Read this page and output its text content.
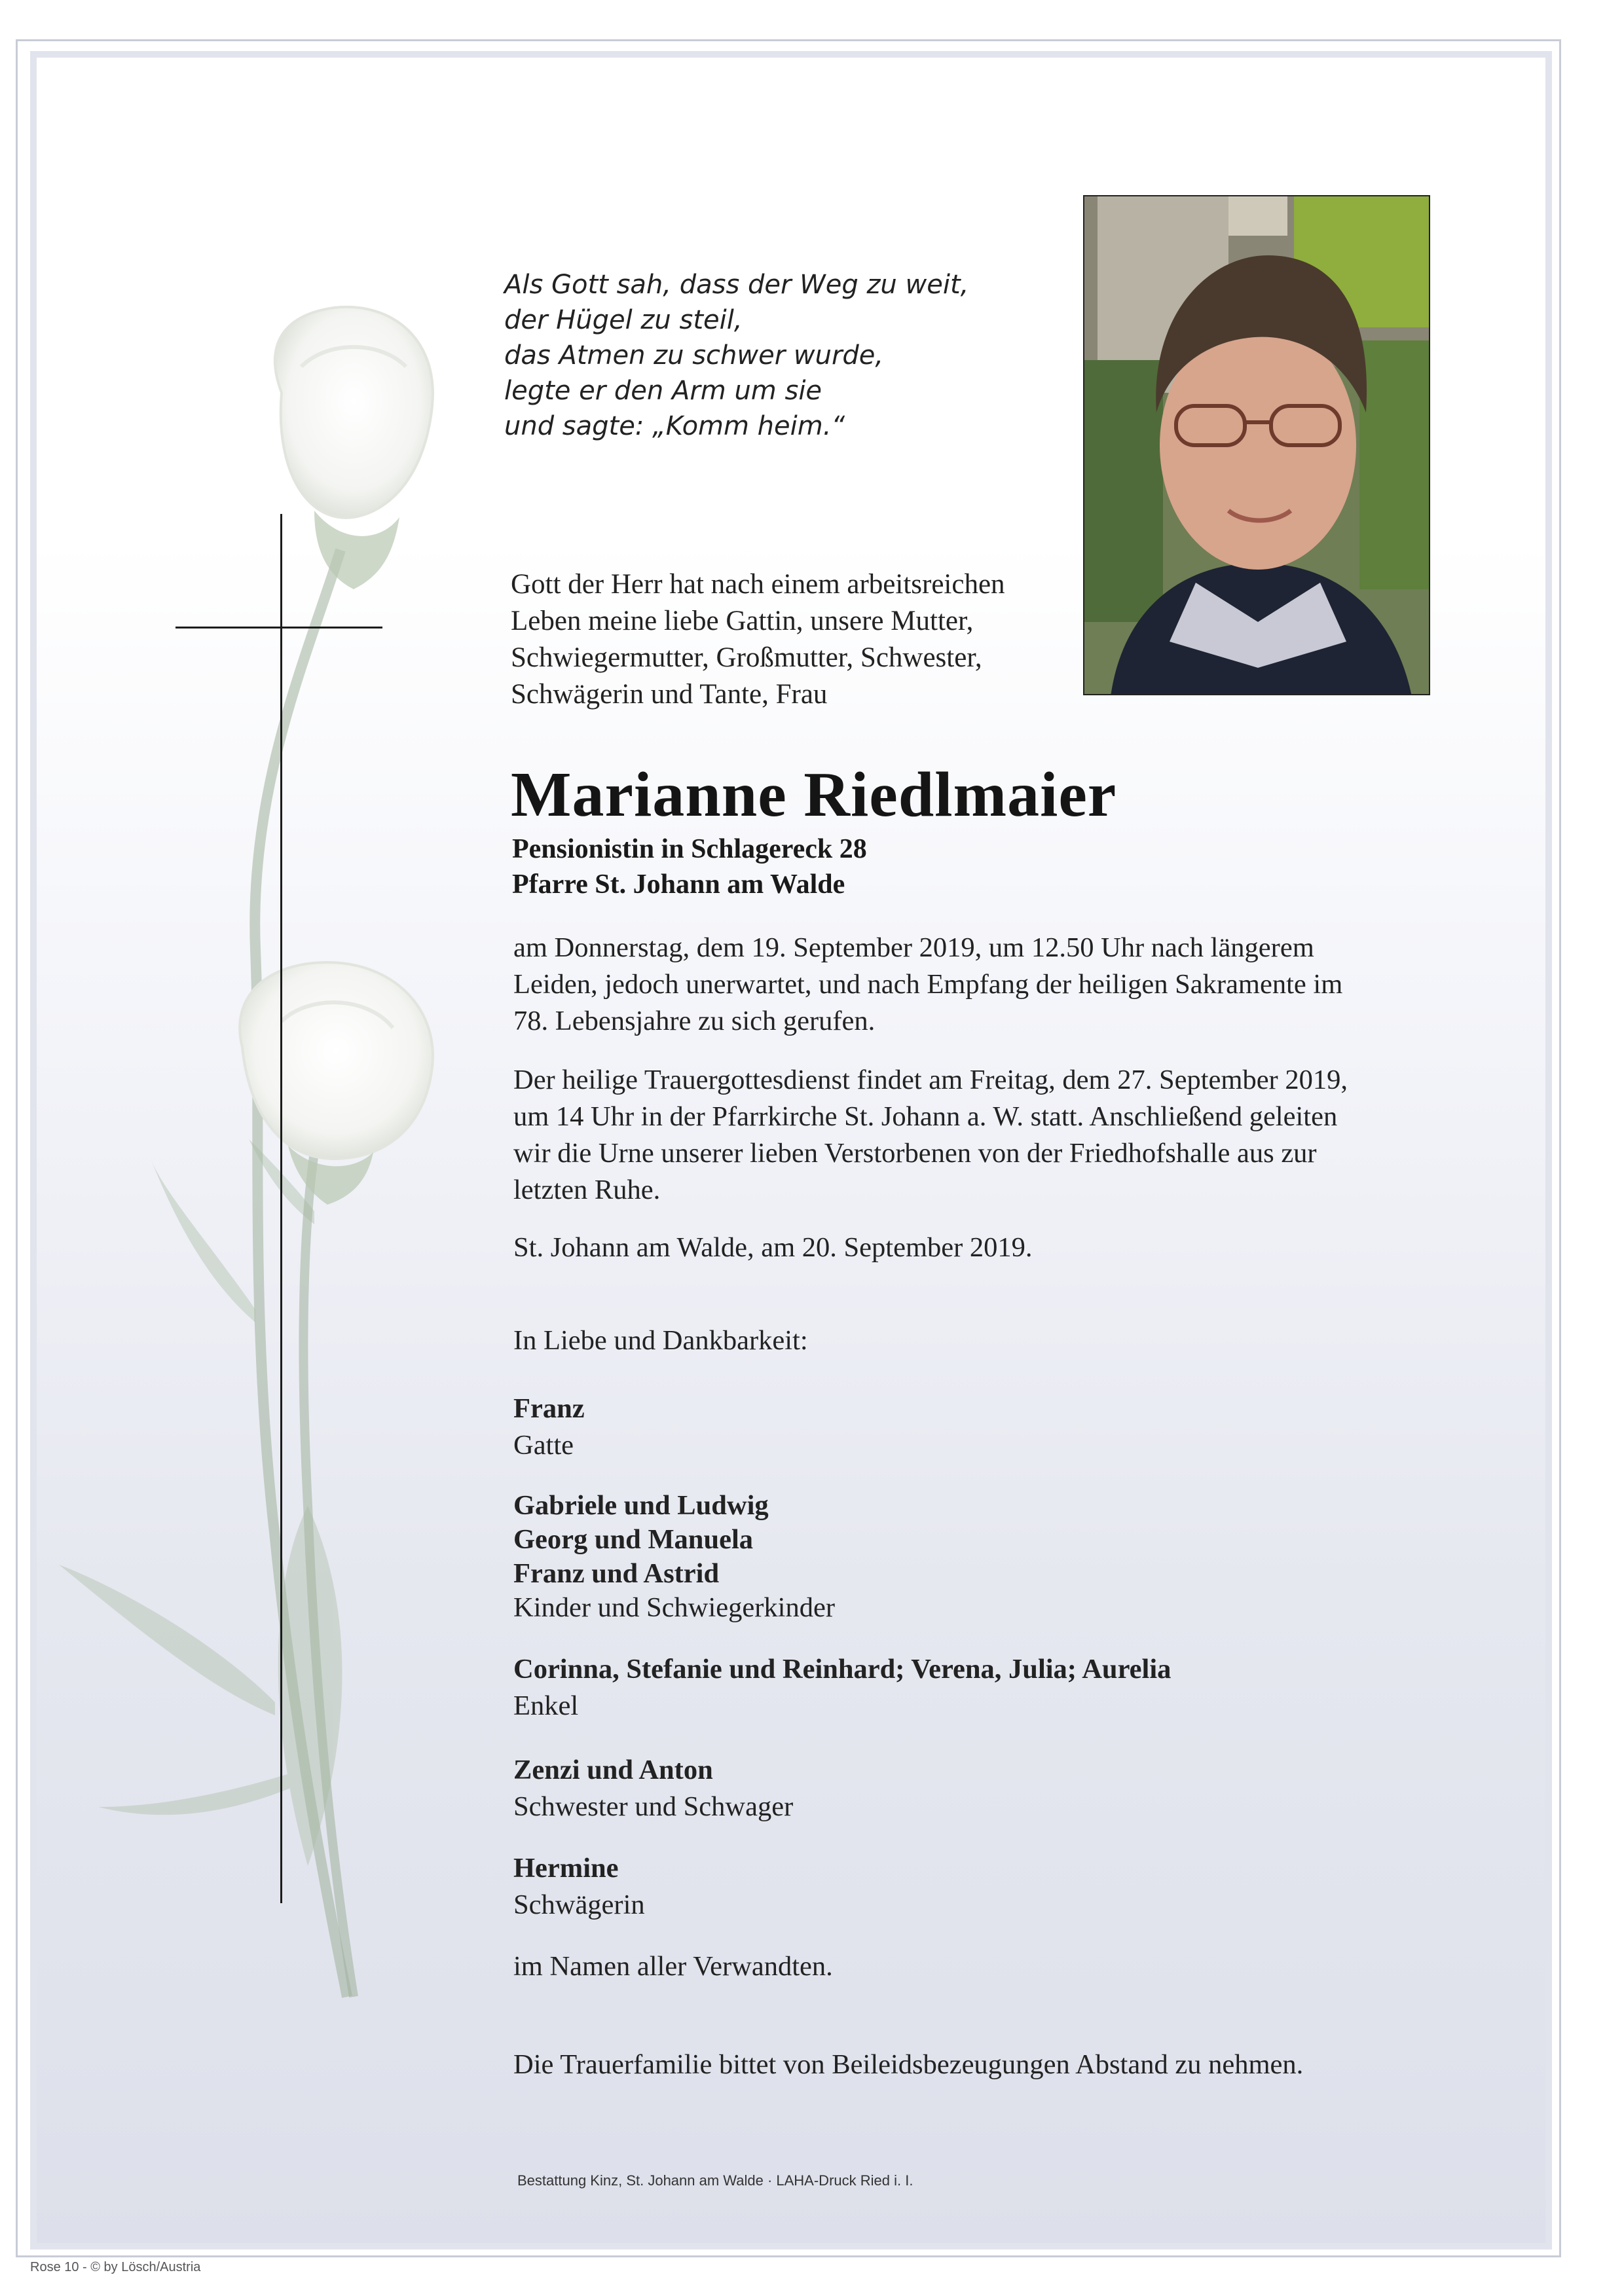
Als Gott sah, dass der Weg zu weit,
der Hügel zu steil,
das Atmen zu schwer wurde,
legte er den Arm um sie
und sagte: „Komm heim.“
Gott der Herr hat nach einem arbeitsreichen
Leben meine liebe Gattin, unsere Mutter,
Schwiegermutter, Großmutter, Schwester,
Schwägerin und Tante, Frau
Marianne Riedlmaier
Pensionistin in Schlagereck 28
Pfarre St. Johann am Walde
am Donnerstag, dem 19. September 2019, um 12.50 Uhr nach längerem
Leiden, jedoch unerwartet, und nach Empfang der heiligen Sakramente im
78. Lebensjahre zu sich gerufen.
Der heilige Trauergottesdienst findet am Freitag, dem 27. September 2019,
um 14 Uhr in der Pfarrkirche St. Johann a. W. statt. Anschließend geleiten
wir die Urne unserer lieben Verstorbenen von der Friedhofshalle aus zur
letzten Ruhe.
St. Johann am Walde, am 20. September 2019.
In Liebe und Dankbarkeit:
Franz
Gatte
Gabriele und Ludwig
Georg und Manuela
Franz und Astrid
Kinder und Schwiegerkinder
Corinna, Stefanie und Reinhard; Verena, Julia; Aurelia
Enkel
Zenzi und Anton
Schwester und Schwager
Hermine
Schwägerin
im Namen aller Verwandten.
Die Trauerfamilie bittet von Beileidsbezeugungen Abstand zu nehmen.
Bestattung Kinz, St. Johann am Walde · LAHA-Druck Ried i. I.
Rose 10 - © by Lösch/Austria
